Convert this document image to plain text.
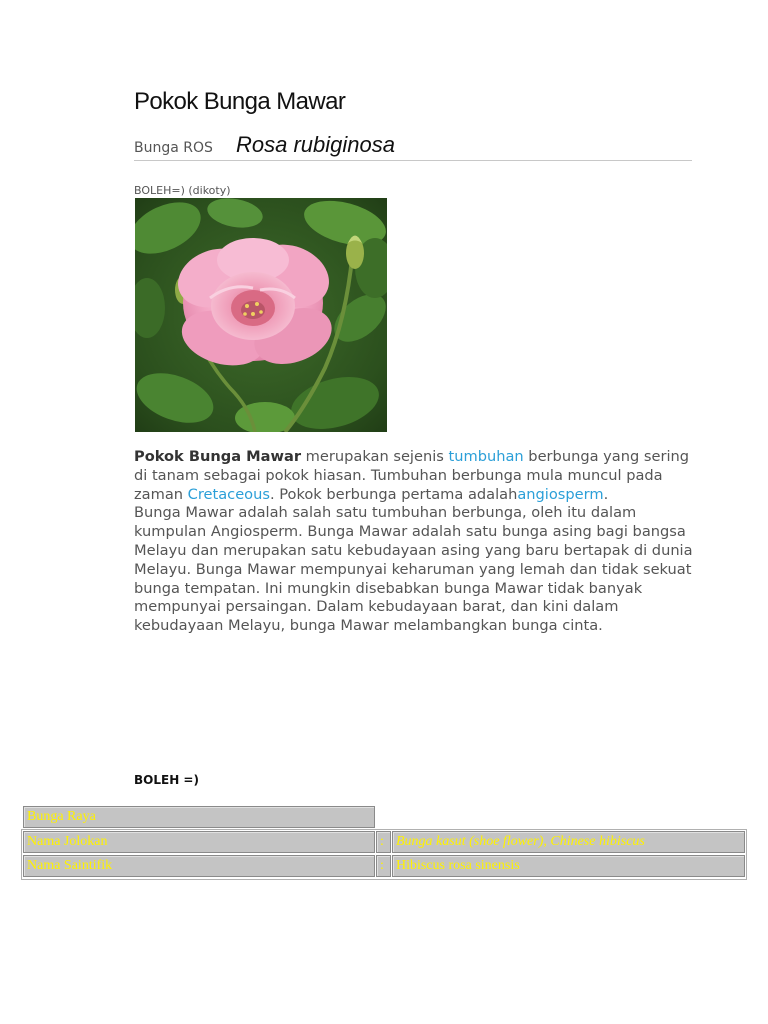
Pokok Bunga Mawar
Bunga ROS Rosa rubiginosa
BOLEH=) (dikoty)

Pokok Bunga Mawar merupakan sejenis tumbuhan berbunga yang sering di tanam sebagai pokok hiasan. Tumbuhan berbunga mula muncul pada zaman Cretaceous. Pokok berbunga pertama adalahangiosperm.

Bunga Mawar adalah salah satu tumbuhan berbunga, oleh itu dalam kumpulan Angiosperm. Bunga Mawar adalah satu bunga asing bagi bangsa Melayu dan merupakan satu kebudayaan asing yang baru bertapak di dunia Melayu. Bunga Mawar mempunyai keharuman yang lemah dan tidak sekuat bunga tempatan. Ini mungkin disebabkan bunga Mawar tidak banyak mempunyai persaingan. Dalam kebudayaan barat, dan kini dalam kebudayaan Melayu, bunga Mawar melambangkan bunga cinta.

BOLEH =)
Bunga Raya
Nama Jolokan	: Bunga kasut (shoe flower), Chinese hibiscus
Nama Saintifik	: Hibiscus rosa sinensis
